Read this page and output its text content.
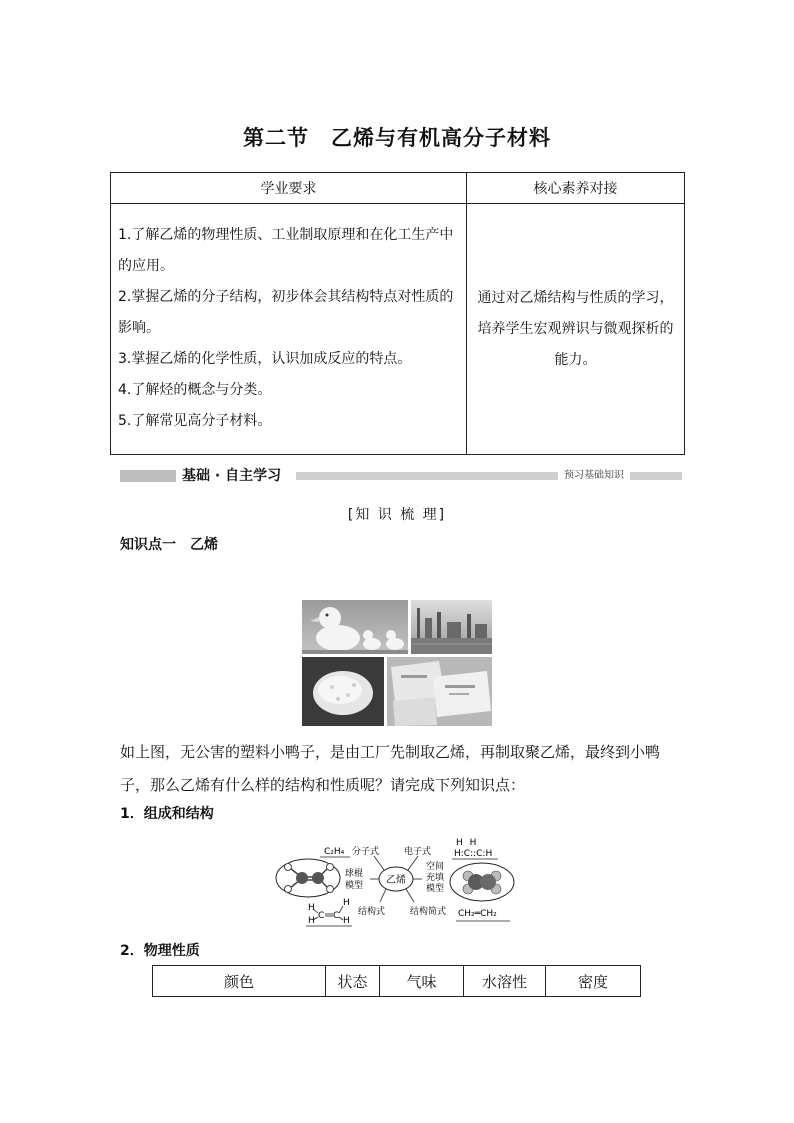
第二节　乙烯与有机高分子材料
学业要求	核心素养对接

1.了解乙烯的物理性质、工业制取原理和在化工生产中的应用。
2.掌握乙烯的分子结构，初步体会其结构特点对性质的影响。
3.掌握乙烯的化学性质，认识加成反应的特点。
4.了解烃的概念与分类。
5.了解常见高分子材料。	通过对乙烯结构与性质的学习，培养学生宏观辨识与微观探析的能力。
基础 · 自主学习	预习基础知识
[知 识 梳 理]
知识点一　乙烯
如上图，无公害的塑料小鸭子，是由工厂先制取乙烯，再制取聚乙烯，最终到小鸭子，那么乙烯有什么样的结构和性质呢？请完成下列知识点：
1．组成和结构
C₂H₄ 分子式
球棍
模型 乙烯
电子式
空间
充填
模型
H H
H:C::C:H
H	H
C C
H	H
结构式	结构简式 CH₂═CH₂
2．物理性质
颜色	状态	气味	水溶性	密度
